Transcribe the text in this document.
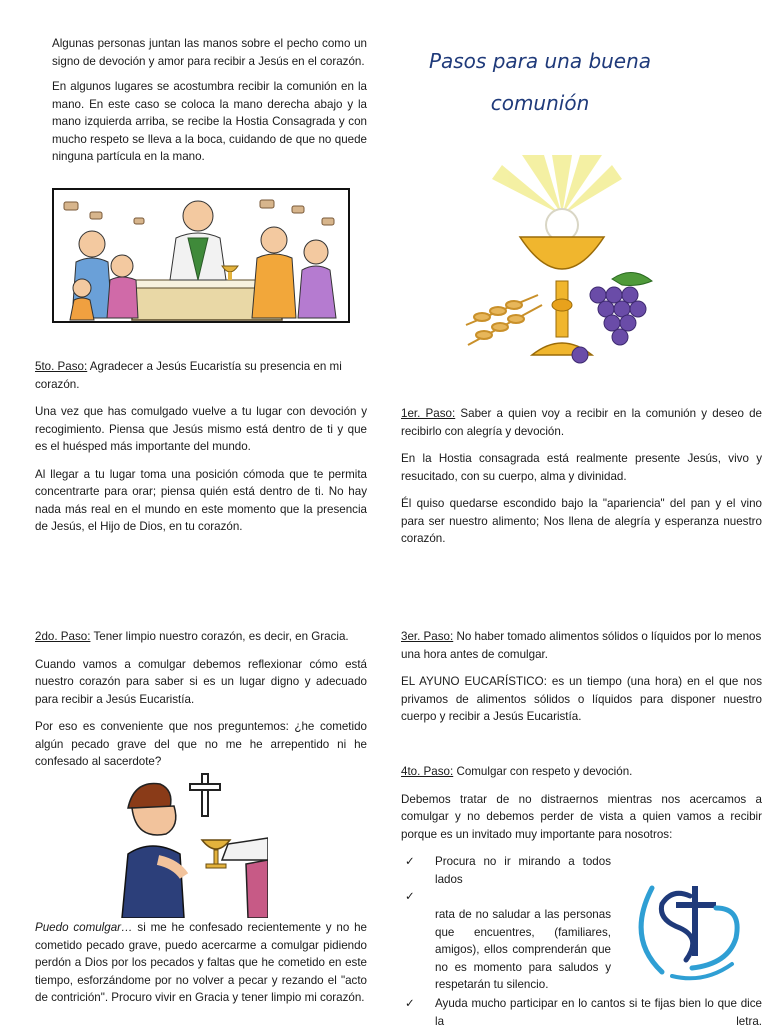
Algunas personas juntan las manos sobre el pecho como un signo de devoción y amor para recibir a Jesús en el corazón.

En algunos lugares se acostumbra recibir la comunión en la mano. En este caso se coloca la mano derecha abajo y la mano izquierda arriba, se recibe la Hostia Consagrada y con mucho respeto se lleva a la boca, cuidando de que no quede ninguna partícula en la mano.

5to. Paso: Agradecer a Jesús Eucaristía su presencia en mi corazón.

Una vez que has comulgado vuelve a tu lugar con devoción y recogimiento. Piensa que Jesús mismo está dentro de ti y que es el huésped más importante del mundo.

Al llegar a tu lugar toma una posición cómoda que te permita concentrarte para orar; piensa quién está dentro de ti. No hay nada más real en el mundo en este momento que la presencia de Jesús, el Hijo de Dios, en tu corazón.

2do. Paso: Tener limpio nuestro corazón, es decir, en Gracia.

Cuando vamos a comulgar debemos reflexionar cómo está nuestro corazón para saber si es un lugar digno y adecuado para recibir a Jesús Eucaristía.

Por eso es conveniente que nos preguntemos: ¿he cometido algún pecado grave del que no me he arrepentido ni he confesado al sacerdote?

Puedo comulgar… si me he confesado recientemente y no he cometido pecado grave, puedo acercarme a comulgar pidiendo perdón a Dios por los pecados y faltas que he cometido en este tiempo, esforzándome por no volver a pecar y rezando el "acto de contrición". Procuro vivir en Gracia y tener limpio mi corazón.

Pasos para una buena
comunión

1er. Paso: Saber a quien voy a recibir en la comunión y deseo de recibirlo con alegría y devoción.

En la Hostia consagrada está realmente presente Jesús, vivo y resucitado, con su cuerpo, alma y divinidad.

Él quiso quedarse escondido bajo la "apariencia" del pan y el vino para ser nuestro alimento; Nos llena de alegría y esperanza nuestro corazón.

3er. Paso: No haber tomado alimentos sólidos o líquidos por lo menos una hora antes de comulgar.

EL AYUNO EUCARÍSTICO: es un tiempo (una hora) en el que nos privamos de alimentos sólidos o líquidos para disponer nuestro cuerpo y recibir a Jesús Eucaristía.

4to. Paso: Comulgar con respeto y devoción.

Debemos tratar de no distraernos mientras nos acercamos a comulgar y no debemos perder de vista a quien vamos a recibir porque es un invitado muy importante para nosotros:

✓ Procura no ir mirando a todos lados
✓
rata de no saludar a las personas que encuentres, (familiares, amigos), ellos comprenderán que no es momento para saludos y respetarán tu silencio.
✓	Ayuda mucho participar en lo cantos si te fijas bien lo que dice la letra.
